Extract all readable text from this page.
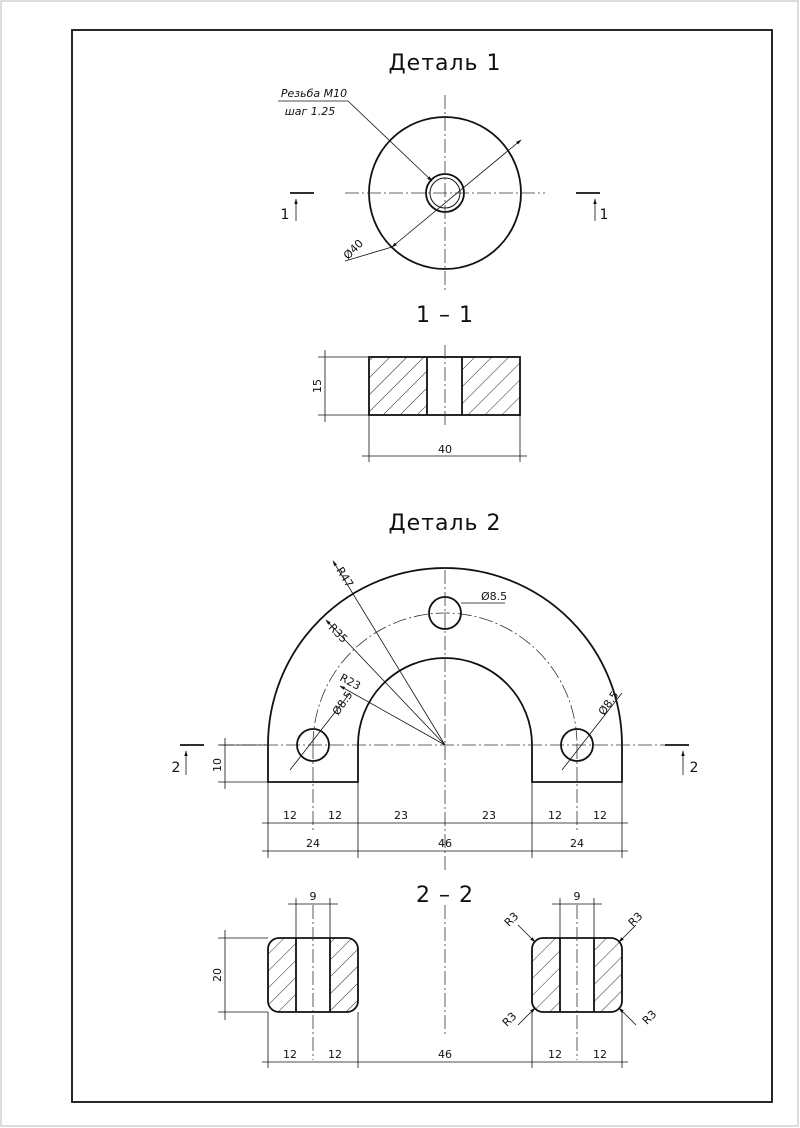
Деталь 1
Резьба М10
шаг 1.25
Ø40
1	1
1 – 1
15
40
Деталь 2
R47
R35
R23
Ø8.5
Ø8.5	Ø8.5
10
2	2
12	12	23	23	12	12
24	46	24
2 – 2
9	9
20
R3	R3
R3	R3
12	12	46	12	12
